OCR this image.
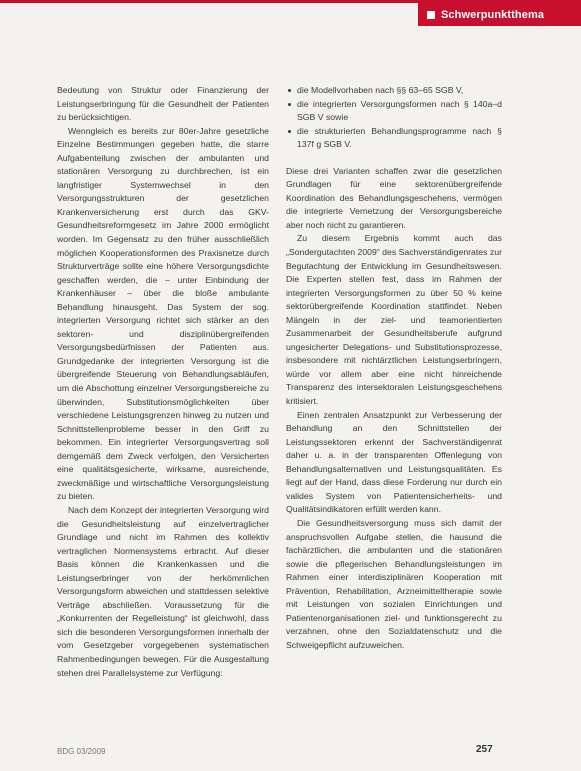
Schwerpunktthema

Bedeutung von Struktur oder Finanzierung der Leistungserbringung für die Gesundheit der Patienten zu berücksichtigen.

Wenngleich es bereits zur 80er-Jahre gesetzliche Einzelne Bestimmungen gegeben hatte, die starre Aufgabenteilung zwischen der ambulanten und stationären Versorgung zu durchbrechen, ist ein langfristiger Systemwechsel in den Versorgungsstrukturen der gesetzlichen Krankenversicherung erst durch das GKV-Gesundheitsreformgesetz im Jahre 2000 ermöglicht worden. Im Gegensatz zu den früher ausschließlich möglichen Kooperationsformen des Praxisnetze durch Strukturverträge sollte eine höhere Versorgungsdichte geschaffen werden, die – unter Einbindung der Krankenhäuser – über die bloße ambulante Behandlung hinausgeht. Das System der sog. integrierten Versorgung richtet sich stärker an den sektoren- und disziplinübergreifenden Versorgungsbedürfnissen der Patienten aus. Grundgedanke der integrierten Versorgung ist die übergreifende Steuerung von Behandlungsabläufen, um die Abschottung einzelner Versorgungsbereiche zu überwinden, Substitutionsmöglichkeiten über verschiedene Leistungsgrenzen hinweg zu nutzen und Schnittstellenprobleme besser in den Griff zu bekommen. Ein integrierter Versorgungsvertrag soll demgemäß dem Zweck verfolgen, den Versicherten eine qualitätsgesicherte, wirksame, ausreichende, zweckmäßige und wirtschaftliche Versorgungsleistung zu bieten.

Nach dem Konzept der integrierten Versorgung wird die Gesundheitsleistung auf einzelvertraglicher Grundlage und nicht im Rahmen des kollektiv vertraglichen Normensystems erbracht. Auf dieser Basis können die Krankenkassen und die Leistungserbringer von der herkömmlichen Versorgungsform abweichen und stattdessen selektive Verträge abschließen. Voraussetzung für die „Konkurrenten der Regelleistung“ ist gleichwohl, dass sich die besonderen Versorgungsformen innerhalb der vom Gesetzgeber vorgegebenen systematischen Rahmenbedingungen bewegen. Für die Ausgestaltung stehen drei Parallelsysteme zur Verfügung:

die Modellvorhaben nach §§ 63–65 SGB V,
die integrierten Versorgungsformen nach § 140a–d SGB V sowie
die strukturierten Behandlungsprogramme nach § 137f g SGB V.

Diese drei Varianten schaffen zwar die gesetzlichen Grundlagen für eine sektorenübergreifende Koordination des Behandlungsgeschehens, vermögen die integrierte Vernetzung der Versorgungsbereiche aber noch nicht zu garantieren.

Zu diesem Ergebnis kommt auch das „Sondergutachten 2009“ des Sachverständigenrates zur Begutachtung der Entwicklung im Gesundheitswesen. Die Experten stellen fest, dass im Rahmen der integrierten Versorgungsformen zu über 50 % keine sektorübergreifende Koordination stattfindet. Neben Mängeln in der ziel- und teamorientierten Zusammenarbeit der Gesundheitsberufe aufgrund ungesicherter Delegations- und Substitutionsprozesse, insbesondere mit nichtärztlichen Leistungserbringern, würde vor allem aber eine nicht hinreichende Transparenz des intersektoralen Leistungsgeschehens kritisiert.

Einen zentralen Ansatzpunkt zur Verbesserung der Behandlung an den Schnittstellen der Leistungssektoren erkennt der Sachverständigenrat daher u. a. in der transparenten Offenlegung von Behandlungsalternativen und Leistungsqualitäten. Es liegt auf der Hand, dass diese Forderung nur durch ein valides System von Patientensicherheits- und Qualitätsindikatoren erfüllt werden kann.

Die Gesundheitsversorgung muss sich damit der anspruchsvollen Aufgabe stellen, die hausund die fachärztlichen, die ambulanten und die stationären sowie die pflegerischen Behandlungsleistungen im Rahmen einer interdisziplinären Kooperation mit Prävention, Rehabilitation, Arzneimitteltherapie sowie mit Leistungen von sozialen Einrichtungen und Patientenorganisationen ziel- und funktionsgerecht zu verzahnen, ohne den Sozialdatenschutz und die Schweigepflicht aufzuweichen.

BDG 03/2009	257
